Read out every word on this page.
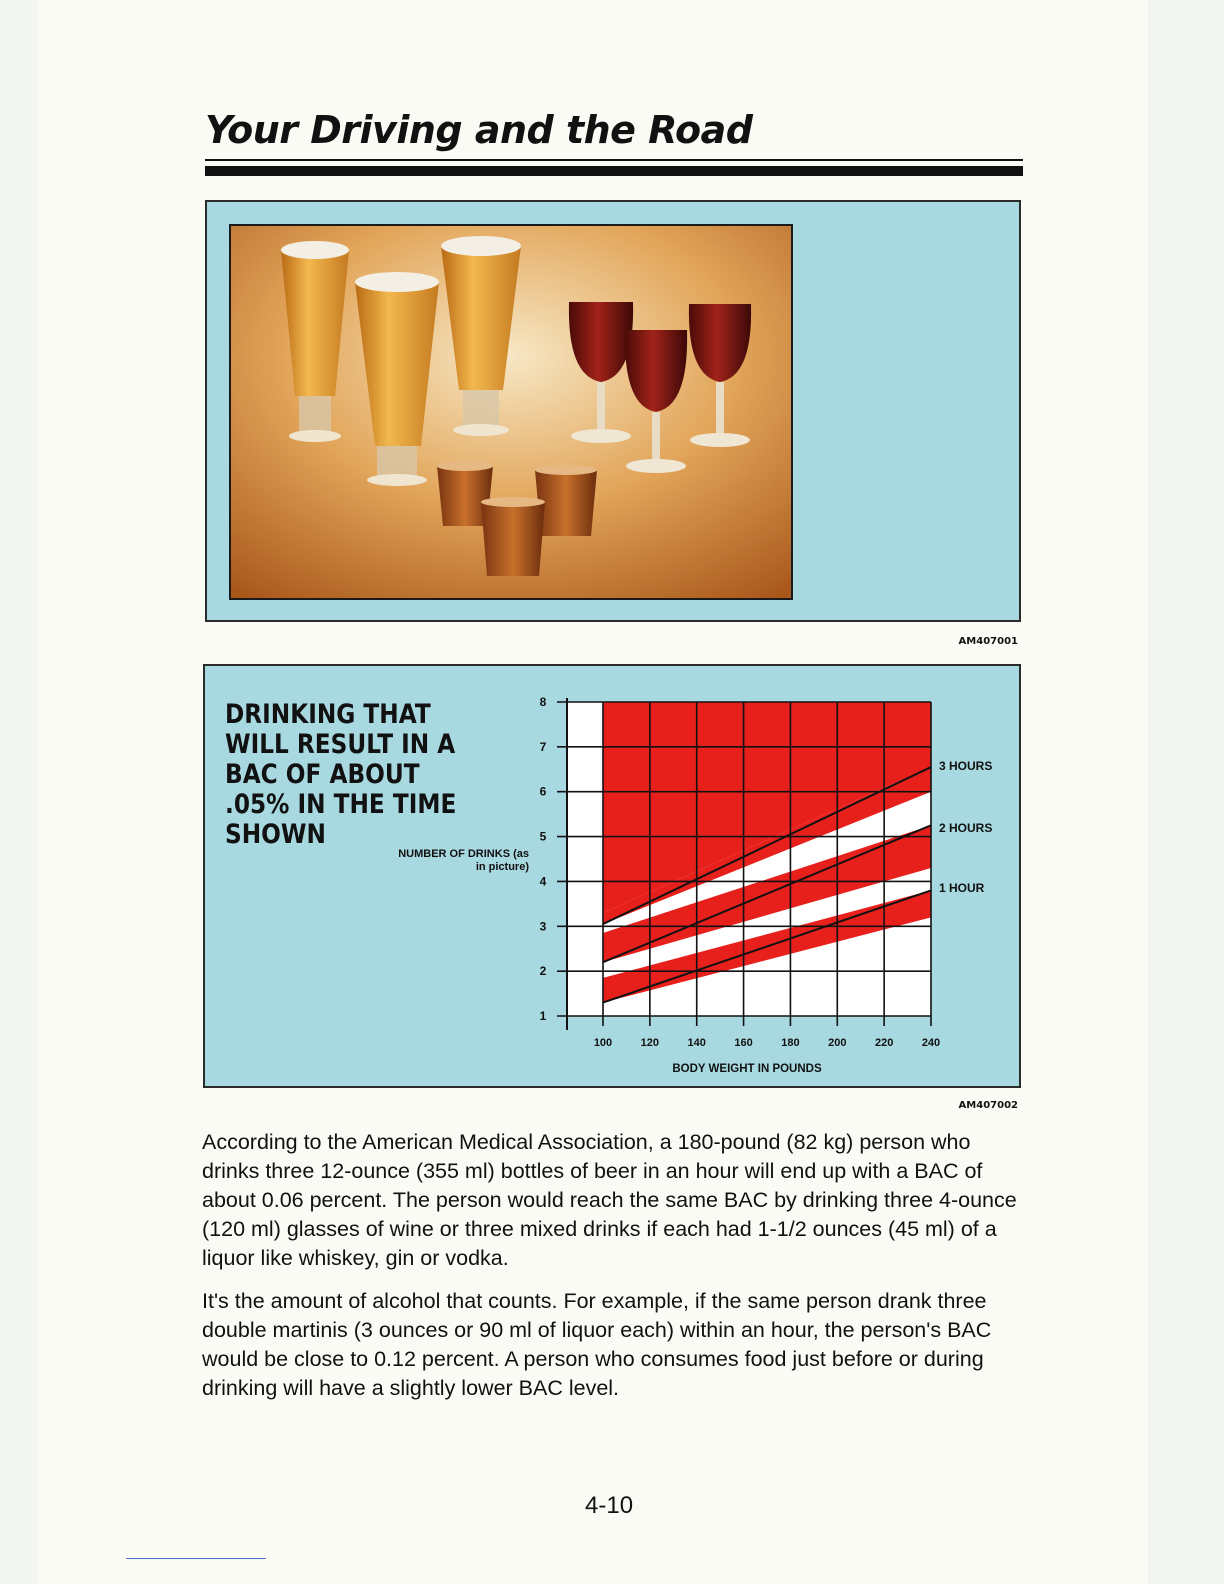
Your Driving and the Road
AM407001
DRINKING THAT WILL RESULT IN A BAC OF ABOUT .05% IN THE TIME SHOWN
NUMBER OF DRINKS (as in picture)
1
2
3
4
5
6
7
8
100	120	140	160	180	200	220	240
BODY WEIGHT IN POUNDS
1 HOUR
2 HOURS
3 HOURS
AM407002

According to the American Medical Association, a 180-pound (82 kg) person who drinks three 12-ounce (355 ml) bottles of beer in an hour will end up with a BAC of about 0.06 percent. The person would reach the same BAC by drinking three 4-ounce (120 ml) glasses of wine or three mixed drinks if each had 1-1/2 ounces (45 ml) of a liquor like whiskey, gin or vodka.

It's the amount of alcohol that counts. For example, if the same person drank three double martinis (3 ounces or 90 ml of liquor each) within an hour, the person's BAC would be close to 0.12 percent. A person who consumes food just before or during drinking will have a slightly lower BAC level.

4-10
